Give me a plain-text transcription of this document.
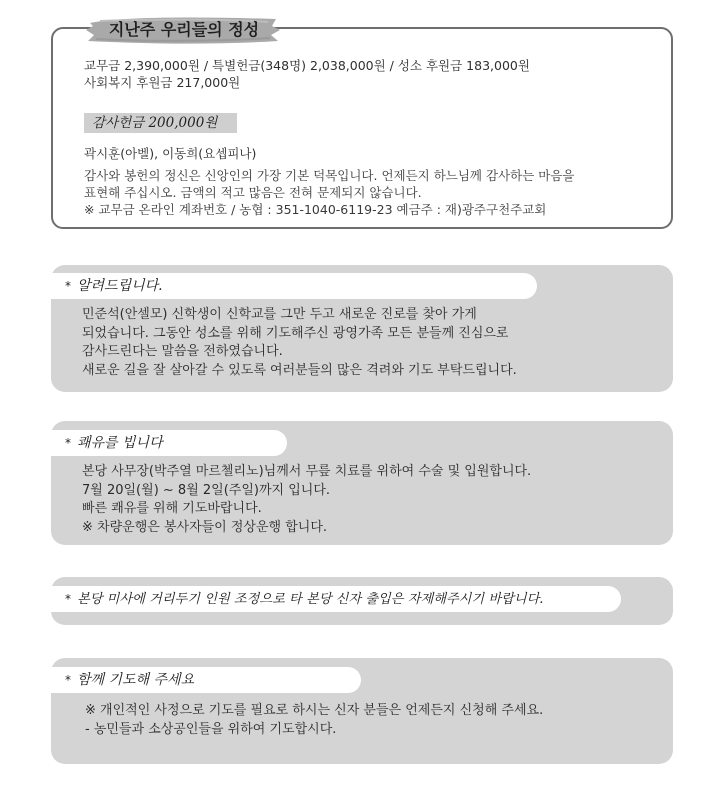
지난주 우리들의 정성
교무금 2,390,000원 / 특별헌금(348명) 2,038,000원 / 성소 후원금 183,000원
사회복지 후원금 217,000원
감사헌금 200,000원
곽시훈(아벨), 이동희(요셉피나)
감사와 봉헌의 정신은 신앙인의 가장 기본 덕목입니다. 언제든지 하느님께 감사하는 마음을
표현해 주십시오. 금액의 적고 많음은 전혀 문제되지 않습니다.
※ 교무금 온라인 계좌번호 / 농협 : 351-1040-6119-23 예금주 : 재)광주구천주교회
* 알려드립니다.
민준석(안셀모) 신학생이 신학교를 그만 두고 새로운 진로를 찾아 가게
되었습니다. 그동안 성소를 위해 기도해주신 광영가족 모든 분들께 진심으로
감사드린다는 말씀을 전하였습니다.
새로운 길을 잘 살아갈 수 있도록 여러분들의 많은 격려와 기도 부탁드립니다.
* 쾌유를 빕니다
본당 사무장(박주열 마르첼리노)님께서 무릎 치료를 위하여 수술 및 입원합니다.
7월 20일(월) ~ 8월 2일(주일)까지 입니다.
빠른 쾌유를 위해 기도바랍니다.
※ 차량운행은 봉사자들이 정상운행 합니다.
* 본당 미사에 거리두기 인원 조정으로 타 본당 신자 출입은 자제해주시기 바랍니다.
* 함께 기도해 주세요
※ 개인적인 사정으로 기도를 필요로 하시는 신자 분들은 언제든지 신청해 주세요.
- 농민들과 소상공인들을 위하여 기도합시다.
